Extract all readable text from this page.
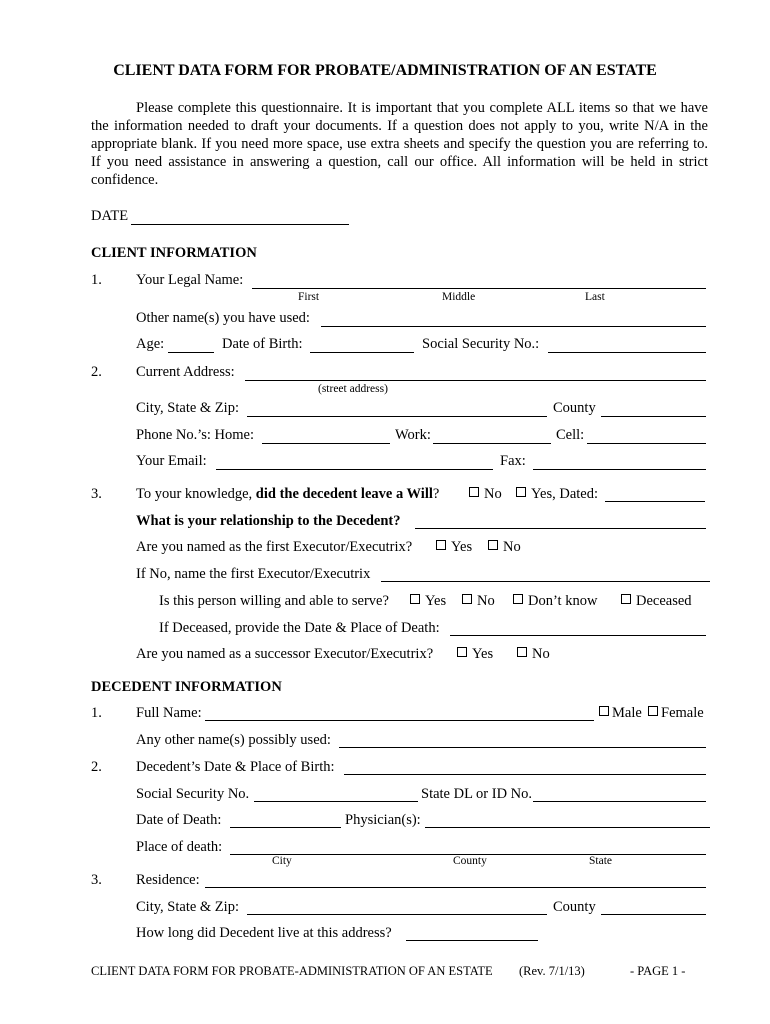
CLIENT DATA FORM FOR PROBATE/ADMINISTRATION OF AN ESTATE
Please complete this questionnaire. It is important that you complete ALL items so that we have the information needed to draft your documents. If a question does not apply to you, write N/A in the appropriate blank. If you need more space, use extra sheets and specify the question you are referring to. If you need assistance in answering a question, call our office. All information will be held in strict confidence.
DATE
CLIENT INFORMATION
1. Your Legal Name:
First	Middle	Last
Other name(s) you have used:
Age:	Date of Birth:	Social Security No.:
2. Current Address:
(street address)
City, State & Zip:	County
Phone No.’s: Home:	Work:	Cell:
Your Email:	Fax:
3. To your knowledge, did the decedent leave a Will?	No	Yes, Dated:
What is your relationship to the Decedent?
Are you named as the first Executor/Executrix?	Yes	No
If No, name the first Executor/Executrix
Is this person willing and able to serve?	Yes	No	Don’t know	Deceased
If Deceased, provide the Date & Place of Death:
Are you named as a successor Executor/Executrix?	Yes	No
DECEDENT INFORMATION
1. Full Name:	Male	Female
Any other name(s) possibly used:
2. Decedent’s Date & Place of Birth:
Social Security No.	State DL or ID No.
Date of Death:	Physician(s):
Place of death:
City	County	State
3. Residence:
City, State & Zip:	County
How long did Decedent live at this address?
CLIENT DATA FORM FOR PROBATE-ADMINISTRATION OF AN ESTATE (Rev. 7/1/13)	- PAGE 1 -
